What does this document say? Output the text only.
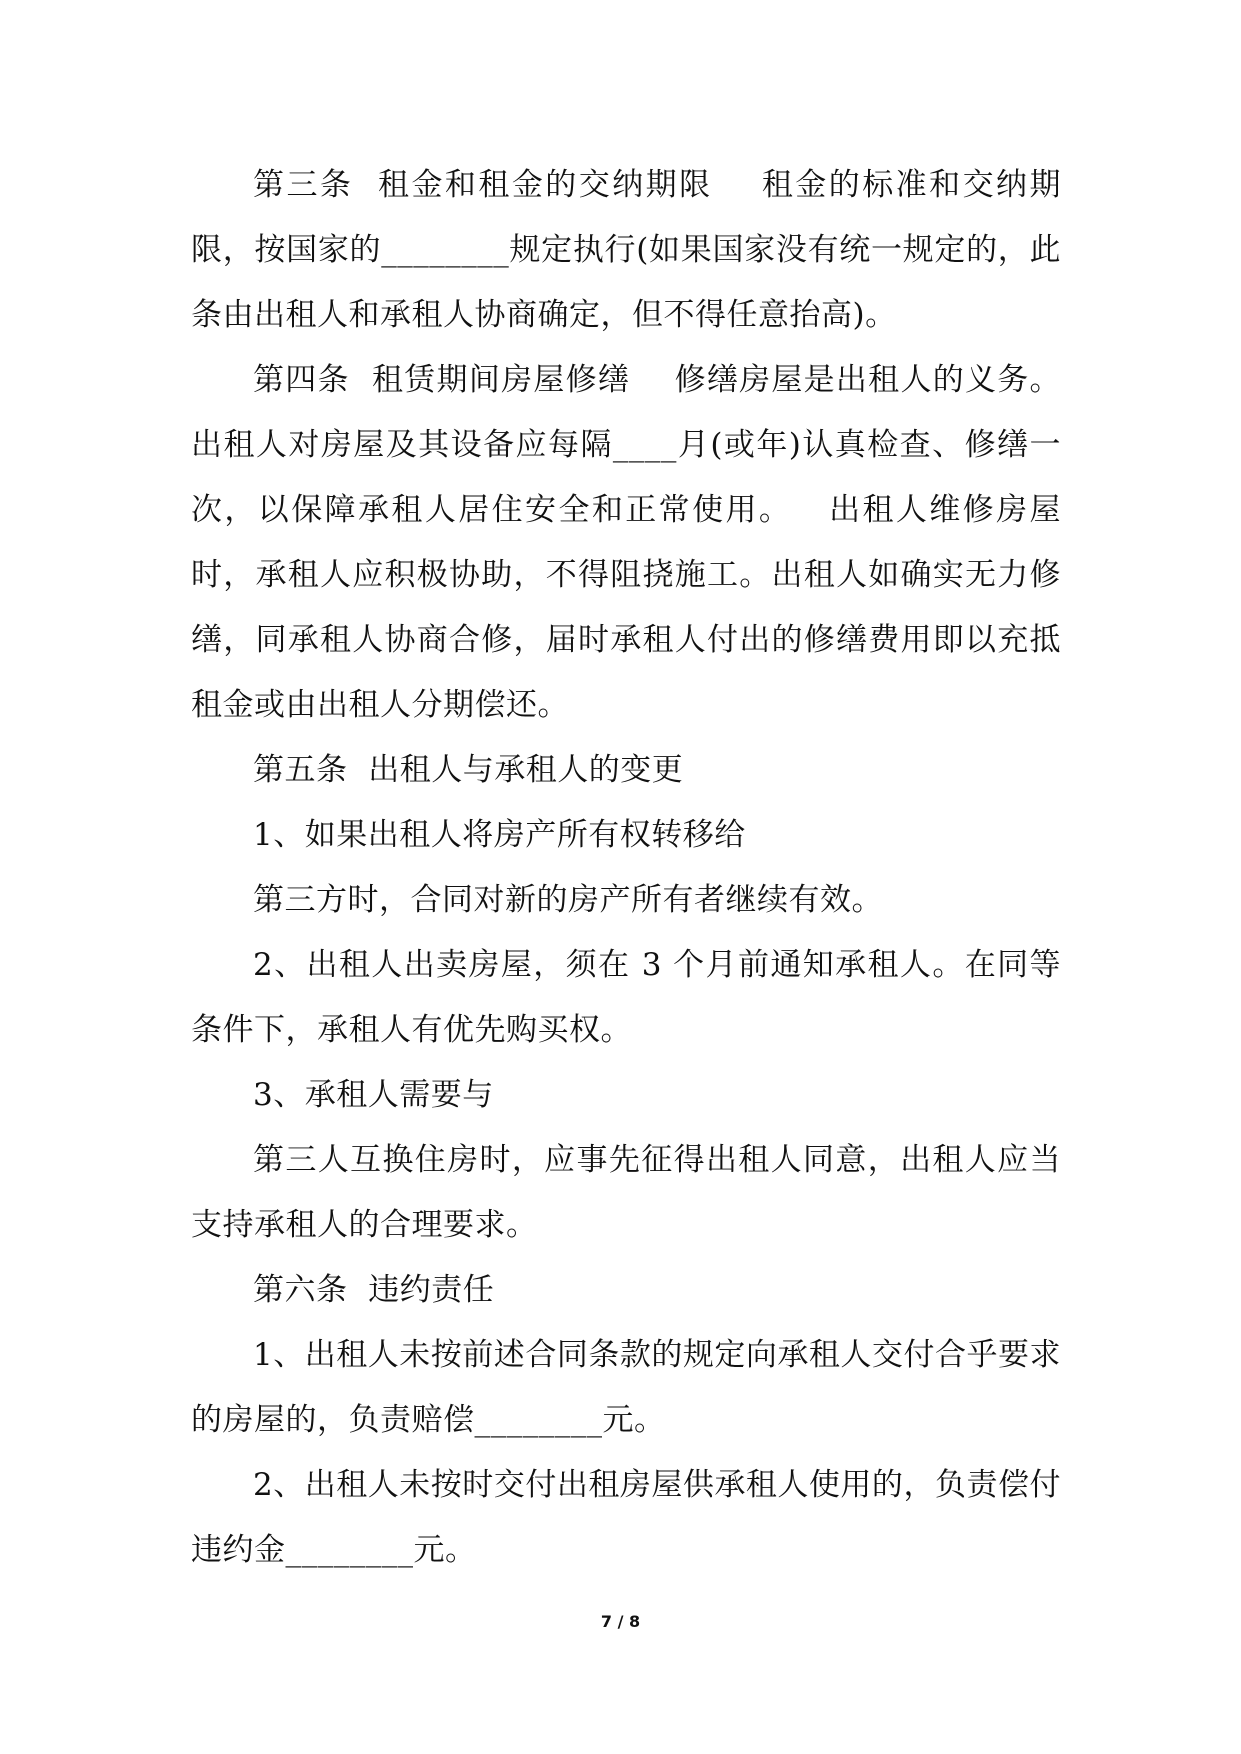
第三条  租金和租金的交纳期限    租金的标准和交纳期限，按国家的________规定执行(如果国家没有统一规定的，此条由出租人和承租人协商确定，但不得任意抬高)。

第四条  租赁期间房屋修缮    修缮房屋是出租人的义务。出租人对房屋及其设备应每隔____月(或年)认真检查、修缮一次，以保障承租人居住安全和正常使用。   出租人维修房屋时，承租人应积极协助，不得阻挠施工。出租人如确实无力修缮，同承租人协商合修，届时承租人付出的修缮费用即以充抵租金或由出租人分期偿还。

第五条  出租人与承租人的变更

1、如果出租人将房产所有权转移给

第三方时，合同对新的房产所有者继续有效。

2、出租人出卖房屋，须在 3 个月前通知承租人。在同等条件下，承租人有优先购买权。

3、承租人需要与

第三人互换住房时，应事先征得出租人同意，出租人应当支持承租人的合理要求。

第六条  违约责任

1、出租人未按前述合同条款的规定向承租人交付合乎要求的房屋的，负责赔偿________元。

2、出租人未按时交付出租房屋供承租人使用的，负责偿付违约金________元。

7 / 8
